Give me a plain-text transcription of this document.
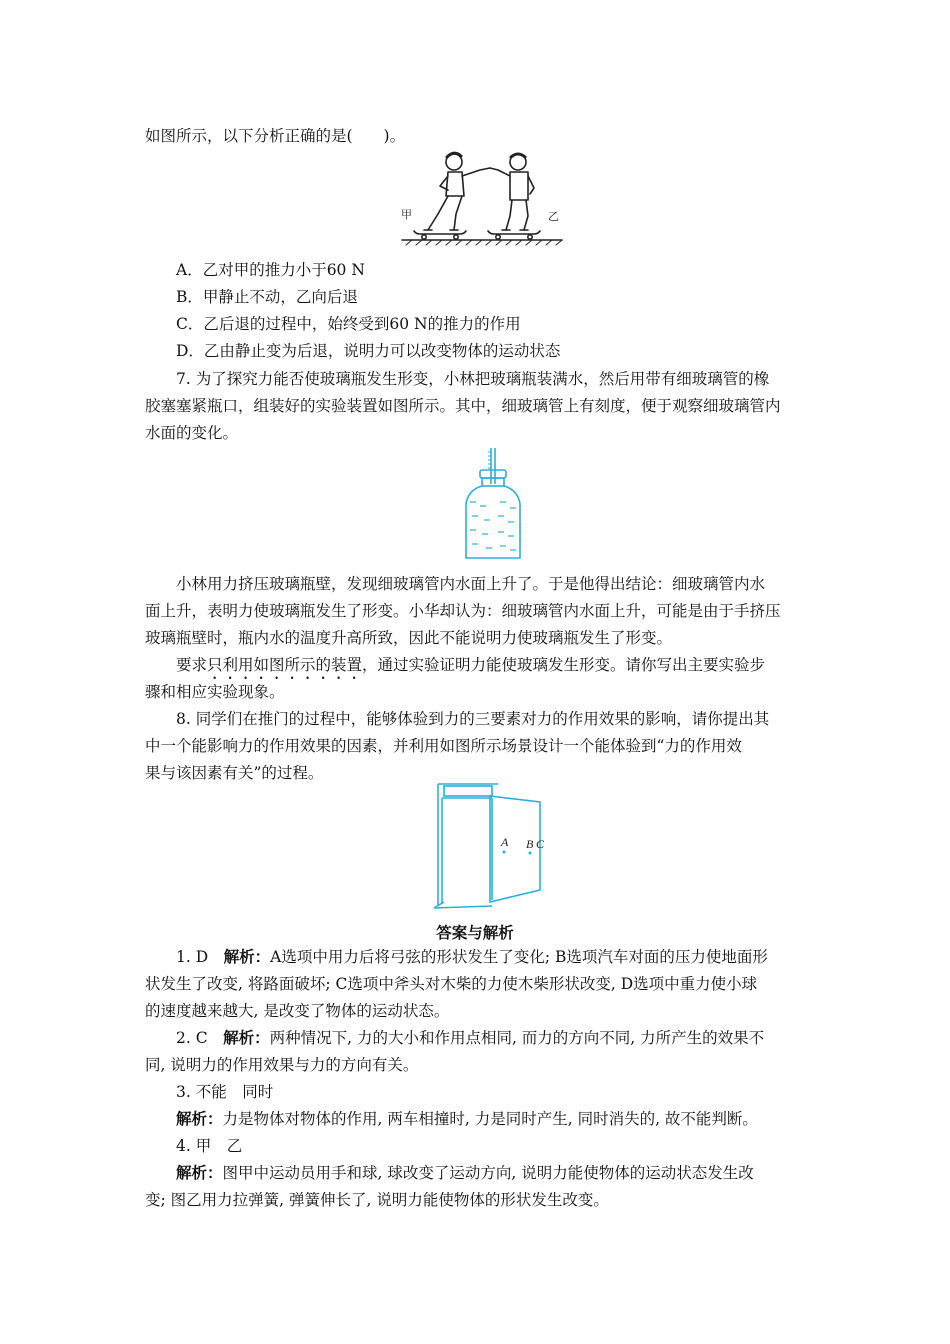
如图所示，以下分析正确的是(　　)。
甲	乙
A．乙对甲的推力小于60 N
B．甲静止不动，乙向后退
C．乙后退的过程中，始终受到60 N的推力的作用
D．乙由静止变为后退，说明力可以改变物体的运动状态
7. 为了探究力能否使玻璃瓶发生形变，小林把玻璃瓶装满水，然后用带有细玻璃管的橡
胶塞塞紧瓶口，组装好的实验装置如图所示。其中，细玻璃管上有刻度，便于观察细玻璃管内
水面的变化。
小林用力挤压玻璃瓶壁，发现细玻璃管内水面上升了。于是他得出结论：细玻璃管内水
面上升，表明力使玻璃瓶发生了形变。小华却认为：细玻璃管内水面上升，可能是由于手挤压
玻璃瓶壁时，瓶内水的温度升高所致，因此不能说明力使玻璃瓶发生了形变。
要求只利用如图所示的装置，通过实验证明力能使玻璃发生形变。请你写出主要实验步
骤和相应实验现象。
8. 同学们在推门的过程中，能够体验到力的三要素对力的作用效果的影响，请你提出其
中一个能影响力的作用效果的因素，并利用如图所示场景设计一个能体验到“力的作用效
果与该因素有关”的过程。
A B C
答案与解析
1. D　解析：A选项中用力后将弓弦的形状发生了变化; B选项汽车对面的压力使地面形
状发生了改变, 将路面破坏; C选项中斧头对木柴的力使木柴形状改变, D选项中重力使小球
的速度越来越大, 是改变了物体的运动状态。
2. C　解析：两种情况下, 力的大小和作用点相同, 而力的方向不同, 力所产生的效果不
同, 说明力的作用效果与力的方向有关。
3. 不能　同时
解析：力是物体对物体的作用, 两车相撞时, 力是同时产生, 同时消失的, 故不能判断。
4. 甲　乙
解析：图甲中运动员用手和球, 球改变了运动方向, 说明力能使物体的运动状态发生改
变; 图乙用力拉弹簧, 弹簧伸长了, 说明力能使物体的形状发生改变。
